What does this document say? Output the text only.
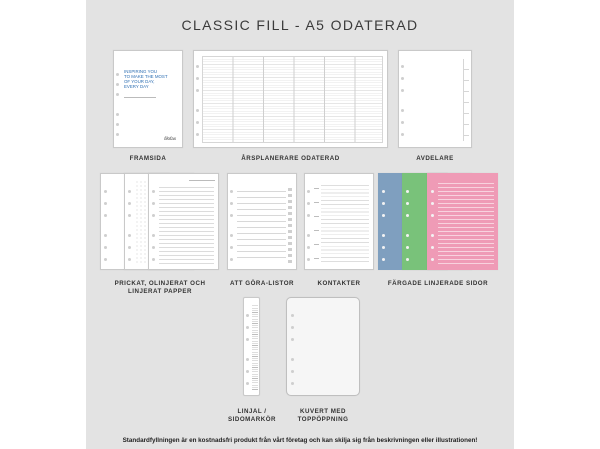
CLASSIC FILL - A5 ODATERAD
INSPIRING YOU
TO MAKE THE MOST
OF YOUR DAY,
EVERY DAY
filofax
FRAMSIDA	ÅRSPLANERARE ODATERAD	AVDELARE
PRICKAT, OLINJERAT OCH
LINJERAT PAPPER
ATT GÖRA-LISTOR	KONTAKTER	FÄRGADE LINJERADE SIDOR
LINJAL /
SIDOMARKÖR
KUVERT MED
TOPPÖPPNING
Standardfyllningen är en kostnadsfri produkt från vårt företag och kan skilja sig från beskrivningen eller illustrationen!
